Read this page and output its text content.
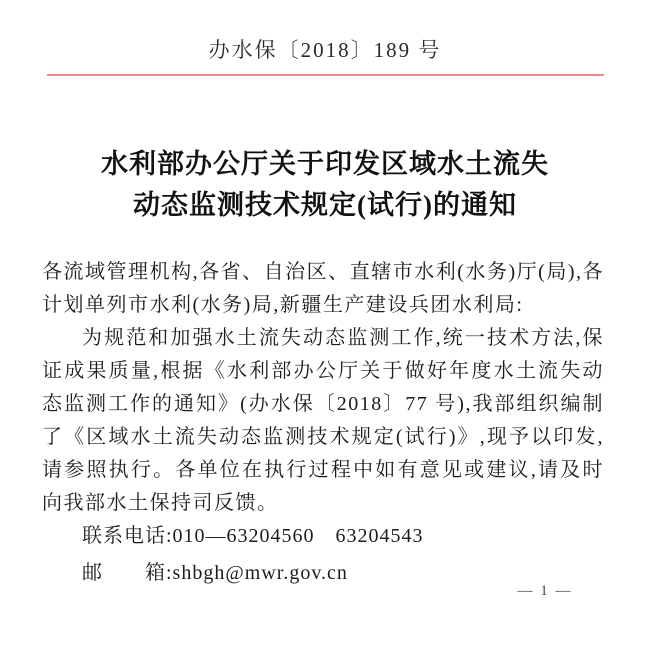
办水保〔2018〕189 号
水利部办公厅关于印发区域水土流失
动态监测技术规定(试行)的通知

各流域管理机构,各省、自治区、直辖市水利(水务)厅(局),各计划单列市水利(水务)局,新疆生产建设兵团水利局:

为规范和加强水土流失动态监测工作,统一技术方法,保证成果质量,根据《水利部办公厅关于做好年度水土流失动态监测工作的通知》(办水保〔2018〕77 号),我部组织编制了《区域水土流失动态监测技术规定(试行)》,现予以印发,请参照执行。各单位在执行过程中如有意见或建议,请及时向我部水土保持司反馈。

联系电话:010—63204560　63204543

邮　　箱:shbgh@mwr.gov.cn

— 1 —
